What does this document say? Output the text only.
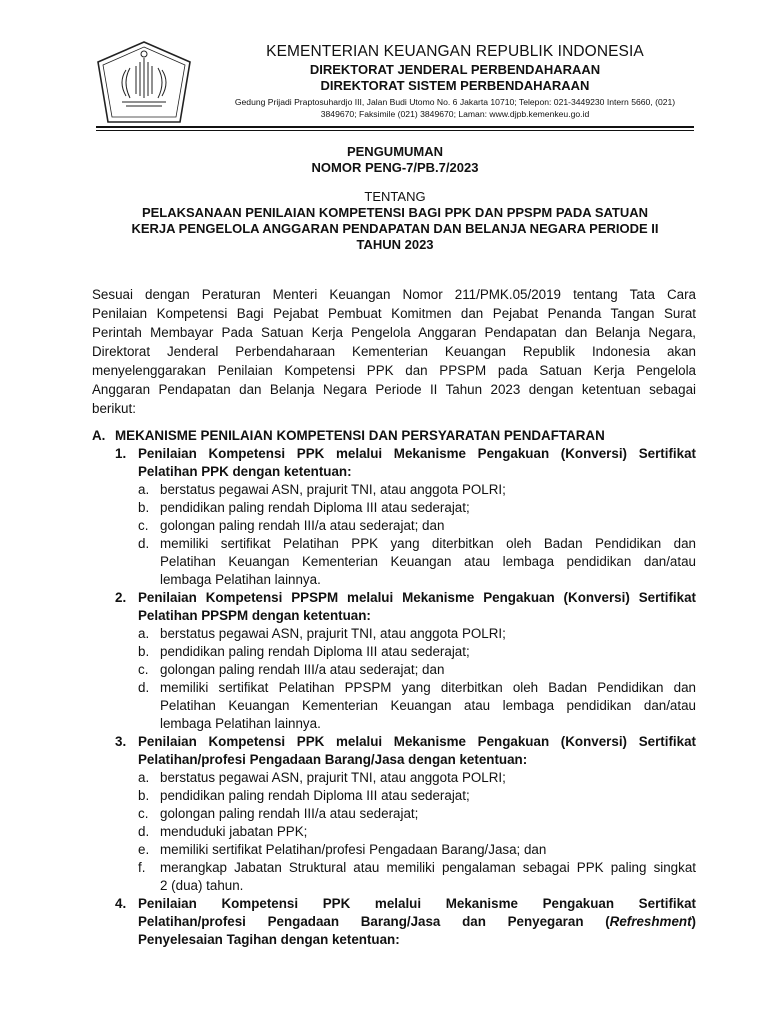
KEMENTERIAN KEUANGAN REPUBLIK INDONESIA
DIREKTORAT JENDERAL PERBENDAHARAAN
DIREKTORAT SISTEM PERBENDAHARAAN
Gedung Prijadi Praptosuhardjo III, Jalan Budi Utomo No. 6 Jakarta 10710; Telepon: 021-3449230 Intern 5660, (021)
3849670; Faksimile (021) 3849670; Laman: www.djpb.kemenkeu.go.id
PENGUMUMAN
NOMOR PENG-7/PB.7/2023
TENTANG
PELAKSANAAN PENILAIAN KOMPETENSI BAGI PPK DAN PPSPM PADA SATUAN
KERJA PENGELOLA ANGGARAN PENDAPATAN DAN BELANJA NEGARA PERIODE II
TAHUN 2023
Sesuai dengan Peraturan Menteri Keuangan Nomor 211/PMK.05/2019 tentang Tata Cara
Penilaian Kompetensi Bagi Pejabat Pembuat Komitmen dan Pejabat Penanda Tangan Surat
Perintah Membayar Pada Satuan Kerja Pengelola Anggaran Pendapatan dan Belanja Negara,
Direktorat Jenderal Perbendaharaan Kementerian Keuangan Republik Indonesia akan
menyelenggarakan Penilaian Kompetensi PPK dan PPSPM pada Satuan Kerja Pengelola
Anggaran Pendapatan dan Belanja Negara Periode II Tahun 2023 dengan ketentuan sebagai
berikut:
A. MEKANISME PENILAIAN KOMPETENSI DAN PERSYARATAN PENDAFTARAN
1. Penilaian Kompetensi PPK melalui Mekanisme Pengakuan (Konversi) Sertifikat
Pelatihan PPK dengan ketentuan:
a. berstatus pegawai ASN, prajurit TNI, atau anggota POLRI;
b. pendidikan paling rendah Diploma III atau sederajat;
c. golongan paling rendah III/a atau sederajat; dan
d. memiliki sertifikat Pelatihan PPK yang diterbitkan oleh Badan Pendidikan dan
Pelatihan Keuangan Kementerian Keuangan atau lembaga pendidikan dan/atau
lembaga Pelatihan lainnya.
2. Penilaian Kompetensi PPSPM melalui Mekanisme Pengakuan (Konversi) Sertifikat
Pelatihan PPSPM dengan ketentuan:
a. berstatus pegawai ASN, prajurit TNI, atau anggota POLRI;
b. pendidikan paling rendah Diploma III atau sederajat;
c. golongan paling rendah III/a atau sederajat; dan
d. memiliki sertifikat Pelatihan PPSPM yang diterbitkan oleh Badan Pendidikan dan
Pelatihan Keuangan Kementerian Keuangan atau lembaga pendidikan dan/atau
lembaga Pelatihan lainnya.
3. Penilaian Kompetensi PPK melalui Mekanisme Pengakuan (Konversi) Sertifikat
Pelatihan/profesi Pengadaan Barang/Jasa dengan ketentuan:
a. berstatus pegawai ASN, prajurit TNI, atau anggota POLRI;
b. pendidikan paling rendah Diploma III atau sederajat;
c. golongan paling rendah III/a atau sederajat;
d. menduduki jabatan PPK;
e. memiliki sertifikat Pelatihan/profesi Pengadaan Barang/Jasa; dan
f. merangkap Jabatan Struktural atau memiliki pengalaman sebagai PPK paling singkat
2 (dua) tahun.
4. Penilaian Kompetensi PPK melalui Mekanisme Pengakuan Sertifikat
Pelatihan/profesi Pengadaan Barang/Jasa dan Penyegaran (Refreshment)
Penyelesaian Tagihan dengan ketentuan:
